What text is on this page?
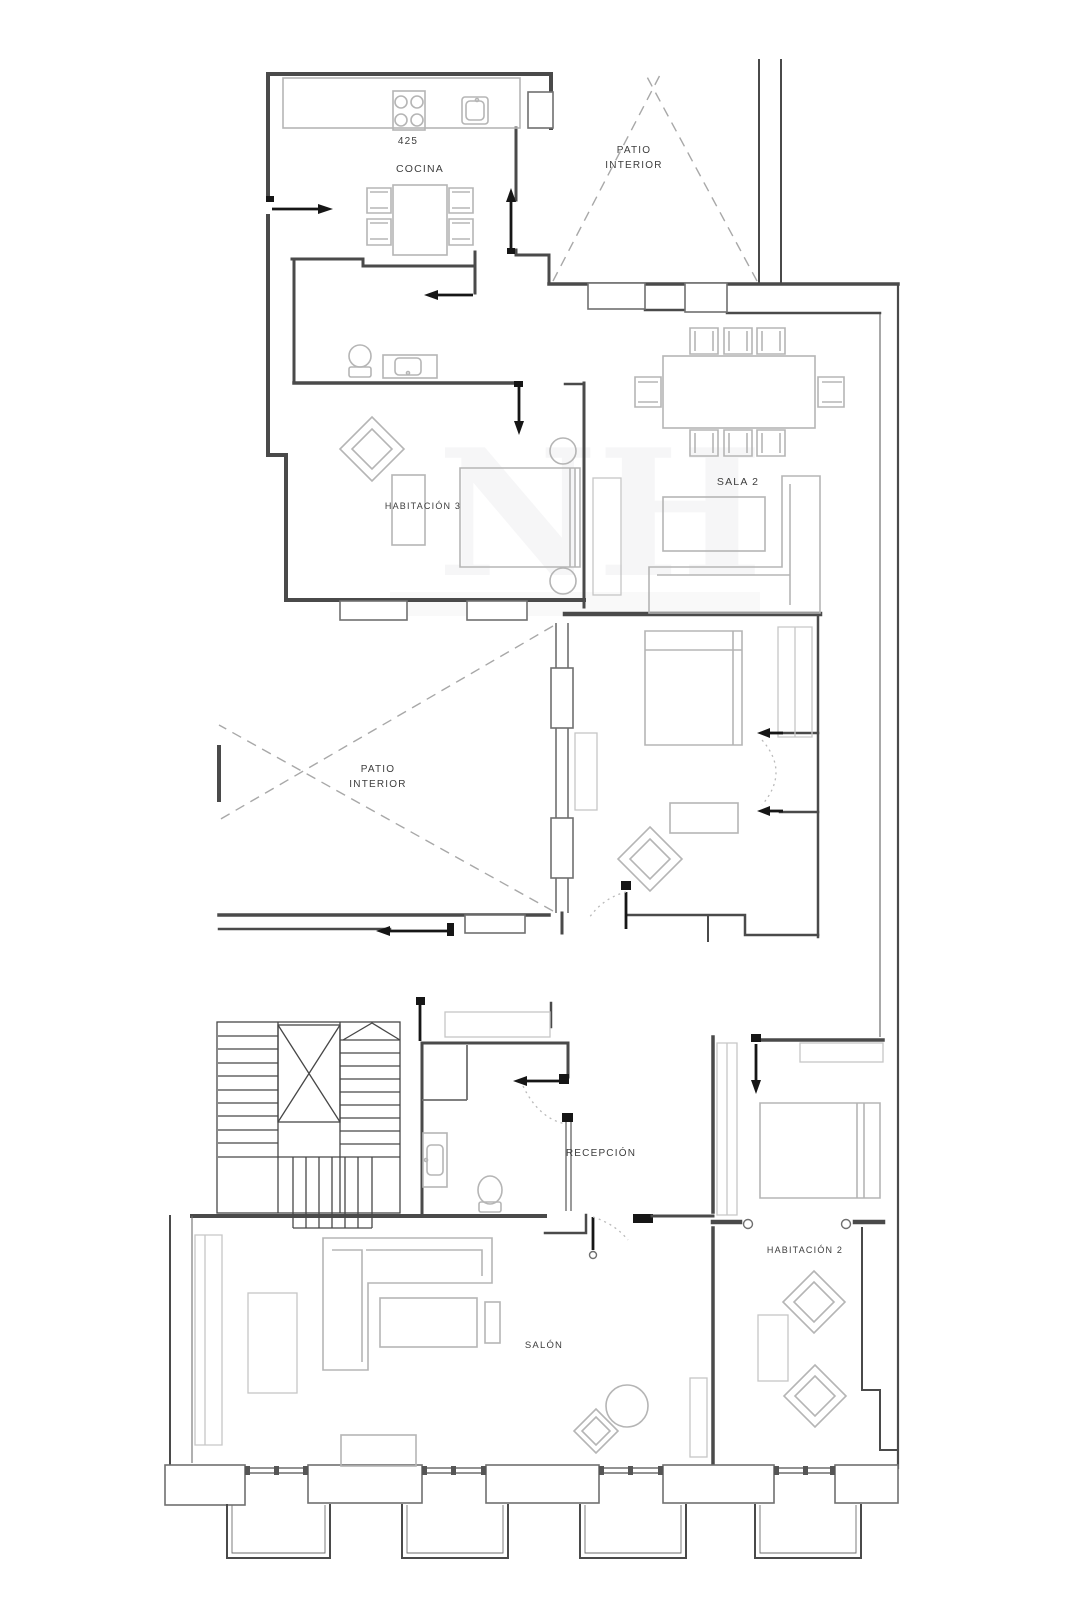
425
COCINA
PATIO
INTERIOR
SALA 2
HABITACIÓN 3
PATIO
INTERIOR
RECEPCIÓN
SALÓN
HABITACIÓN 2
